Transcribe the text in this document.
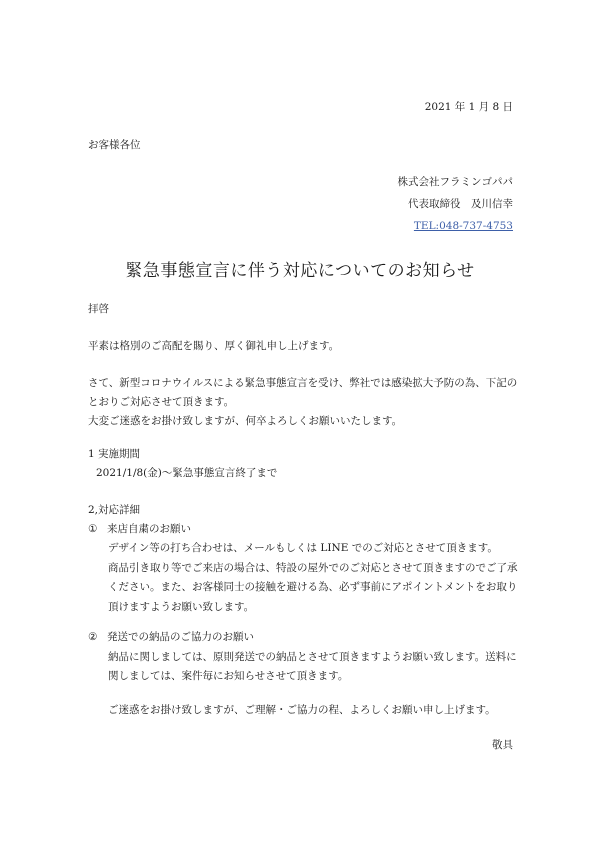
2021 年 1 月 8 日
お客様各位
株式会社フラミンゴパパ
代表取締役　及川信幸
TEL:048-737-4753
緊急事態宣言に伴う対応についてのお知らせ
拝啓
平素は格別のご高配を賜り、厚く御礼申し上げます。
さて、新型コロナウイルスによる緊急事態宣言を受け、弊社では感染拡大予防の為、下記の
とおりご対応させて頂きます。
大変ご迷惑をお掛け致しますが、何卒よろしくお願いいたします。
1 実施期間
2021/1/8(金)～緊急事態宣言終了まで
2,対応詳細
① 来店自粛のお願い
デザイン等の打ち合わせは、メールもしくは LINE でのご対応とさせて頂きます。
商品引き取り等でご来店の場合は、特設の屋外でのご対応とさせて頂きますのでご了承
ください。また、お客様同士の接触を避ける為、必ず事前にアポイントメントをお取り
頂けますようお願い致します。
② 発送での納品のご協力のお願い
納品に関しましては、原則発送での納品とさせて頂きますようお願い致します。送料に
関しましては、案件毎にお知らせさせて頂きます。
ご迷惑をお掛け致しますが、ご理解・ご協力の程、よろしくお願い申し上げます。
敬具
